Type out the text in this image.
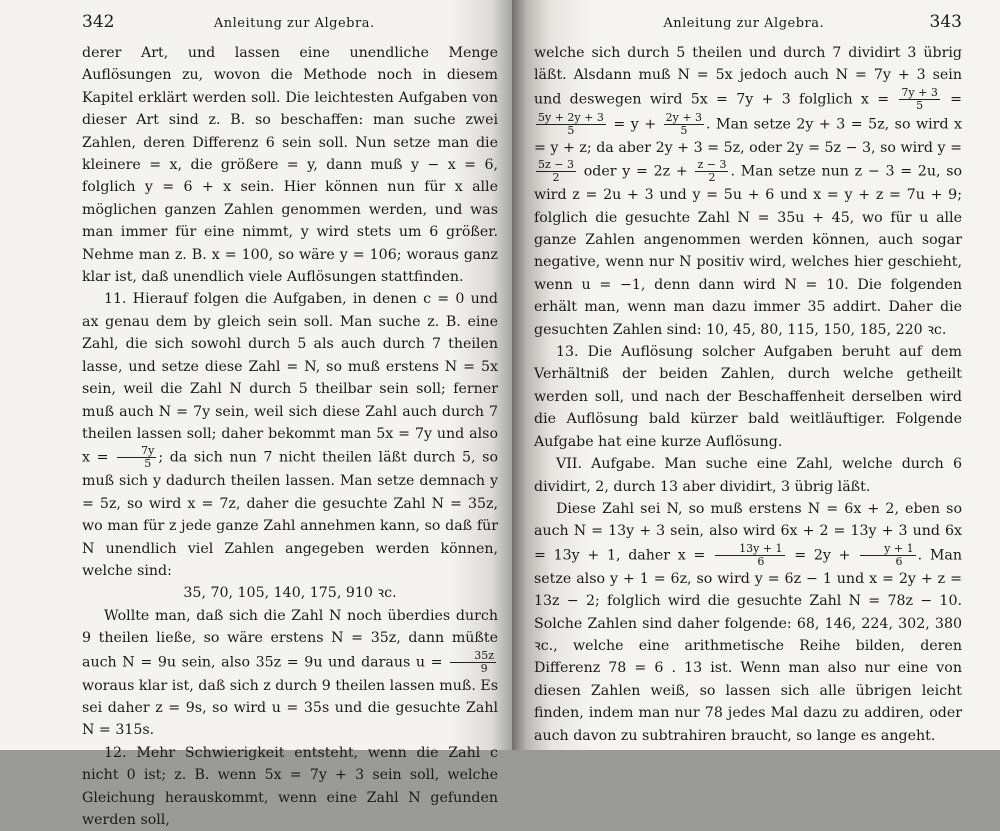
342	Anleitung zur Algebra.

derer Art, und lassen eine unendliche Menge Auflösungen zu, wovon die Methode noch in diesem Kapitel erklärt werden soll. Die leichtesten Aufgaben von dieser Art sind z. B. so beschaffen: man suche zwei Zahlen, deren Differenz 6 sein soll. Nun setze man die kleinere = x, die größere = y, dann muß y − x = 6, folglich y = 6 + x sein. Hier können nun für x alle möglichen ganzen Zahlen genommen werden, und was man immer für eine nimmt, y wird stets um 6 größer. Nehme man z. B. x = 100, so wäre y = 106; woraus ganz klar ist, daß unendlich viele Auflösungen stattfinden.

11. Hierauf folgen die Aufgaben, in denen c = 0 und ax genau dem by gleich sein soll. Man suche z. B. eine Zahl, die sich sowohl durch 5 als auch durch 7 theilen lasse, und setze diese Zahl = N, so muß erstens N = 5x sein, weil die Zahl N durch 5 theilbar sein soll; ferner muß auch N = 7y sein, weil sich diese Zahl auch durch 7 theilen lassen soll; daher bekommt man 5x = 7y und also $x = \frac{7y}{5}$ ; da sich nun 7 nicht theilen läßt durch 5, so muß sich y dadurch theilen lassen. Man setze demnach y = 5z, so wird x = 7z, daher die gesuchte Zahl N = 35z, wo man für z jede ganze Zahl annehmen kann, so daß für N unendlich viel Zahlen angegeben werden können, welche sind:

35, 70, 105, 140, 175, 910 ꝛc.

Wollte man, daß sich die Zahl N noch überdies durch 9 theilen ließe, so wäre erstens N = 35z, dann müßte auch N = 9u sein, also 35z = 9u und daraus $u = \frac{35z}{9}$
woraus klar ist, daß sich z durch 9 theilen lassen muß. Es sei daher z = 9s, so wird u = 35s und die gesuchte Zahl N = 315s.

12. Mehr Schwierigkeit entsteht, wenn die Zahl c nicht 0 ist; z. B. wenn 5x = 7y + 3 sein soll, welche Gleichung herauskommt, wenn eine Zahl N gefunden werden soll,

Anleitung zur Algebra.	343

welche sich durch 5 theilen und durch 7 dividirt 3 übrig läßt. Alsdann muß N = 5x jedoch auch N = 7y + 3 sein und deswegen wird 5x = 7y + 3 folglich $x = \frac{7y + 3}{5}$ =
$\frac{5y + 2y + 3}{5} = y + \frac{2y + 3}{5}$ . Man setze 2y + 3 = 5z, so wird x = y + z; da aber 2y + 3 = 5z, oder 2y = 5z − 3, so wird y =
$\frac{5z - 3}{2}$ oder $y = 2z + \frac{z - 3}{2}$ . Man setze nun z − 3 = 2u, so wird z = 2u + 3 und y = 5u + 6 und x = y + z = 7u + 9; folglich die gesuchte Zahl N = 35u + 45, wo für u alle ganze Zahlen angenommen werden können, auch sogar negative, wenn nur N positiv wird, welches hier geschieht, wenn u = −1, denn dann wird N = 10. Die folgenden erhält man, wenn man dazu immer 35 addirt. Daher die gesuchten Zahlen sind: 10, 45, 80, 115, 150, 185, 220 ꝛc.

13. Die Auflösung solcher Aufgaben beruht auf dem Verhältniß der beiden Zahlen, durch welche getheilt werden soll, und nach der Beschaffenheit derselben wird die Auflösung bald kürzer bald weitläuftiger. Folgende Aufgabe hat eine kurze Auflösung.

VII. Aufgabe. Man suche eine Zahl, welche durch 6 dividirt, 2, durch 13 aber dividirt, 3 übrig läßt.

Diese Zahl sei N, so muß erstens N = 6x + 2, eben so auch N = 13y + 3 sein, also wird 6x + 2 = 13y + 3 und 6x = 13y + 1, daher $x = \frac{13y + 1}{6} = 2y + \frac{y + 1}{6}$ . Man setze also y + 1 = 6z, so wird y = 6z − 1 und x = 2y + z = 13z − 2; folglich wird die gesuchte Zahl N = 78z − 10. Solche Zahlen sind daher folgende: 68, 146, 224, 302, 380 ꝛc., welche eine arithmetische Reihe bilden, deren Differenz 78 = 6 . 13 ist. Wenn man also nur eine von diesen Zahlen weiß, so lassen sich alle übrigen leicht finden, indem man nur 78 jedes Mal dazu zu addiren, oder auch davon zu subtrahiren braucht, so lange es angeht.
